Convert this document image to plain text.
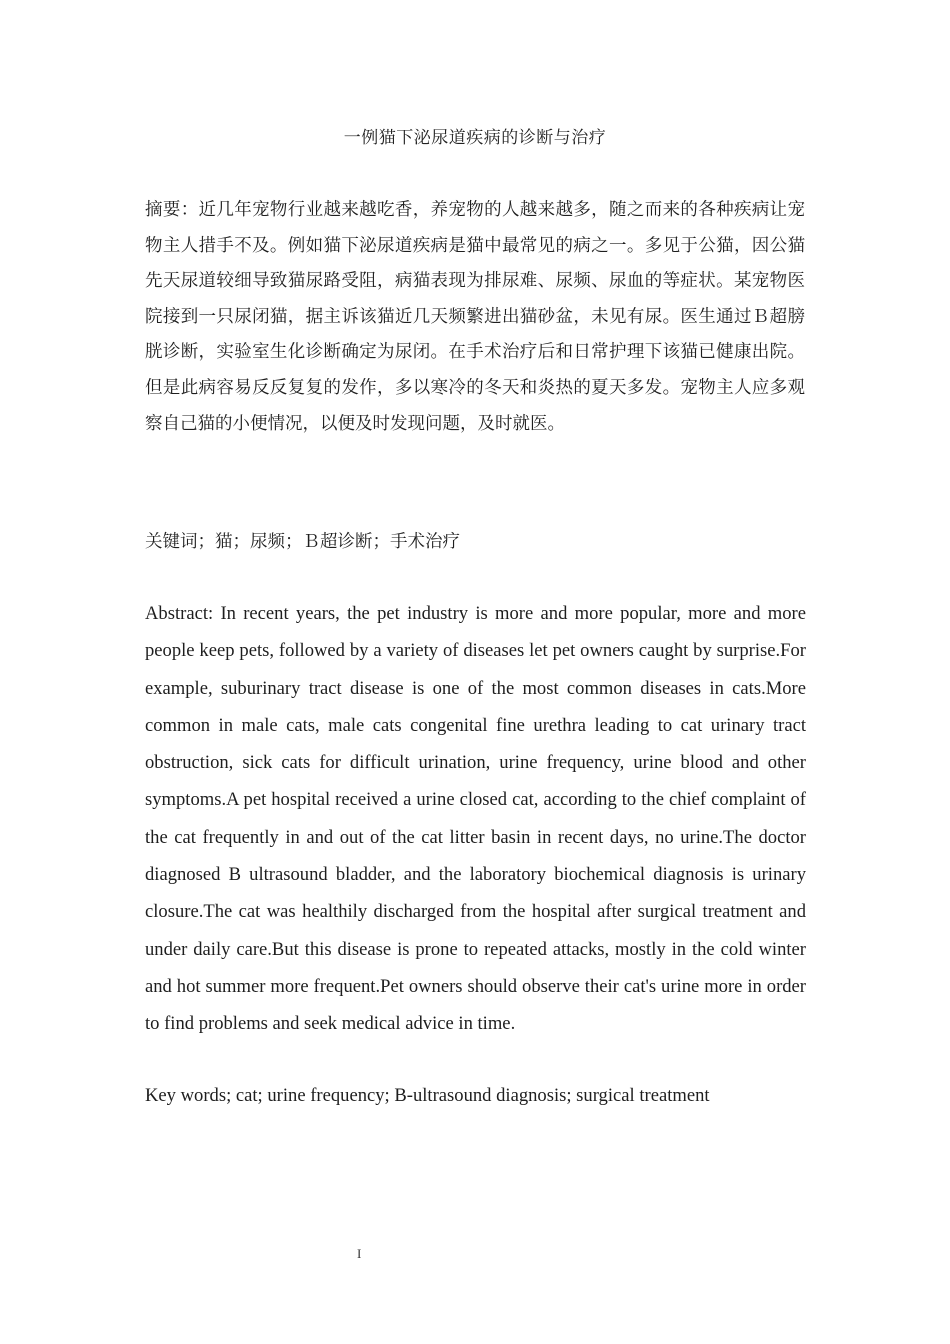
一例猫下泌尿道疾病的诊断与治疗

摘要：近几年宠物行业越来越吃香，养宠物的人越来越多，随之而来的各种疾病让宠物主人措手不及。例如猫下泌尿道疾病是猫中最常见的病之一。多见于公猫，因公猫先天尿道较细导致猫尿路受阻，病猫表现为排尿难、尿频、尿血的等症状。某宠物医院接到一只尿闭猫，据主诉该猫近几天频繁进出猫砂盆，未见有尿。医生通过Ｂ超膀胱诊断，实验室生化诊断确定为尿闭。在手术治疗后和日常护理下该猫已健康出院。但是此病容易反反复复的发作，多以寒冷的冬天和炎热的夏天多发。宠物主人应多观察自己猫的小便情况，以便及时发现问题，及时就医。

关键词；猫；尿频；Ｂ超诊断；手术治疗

Abstract: In recent years, the pet industry is more and more popular, more and more people keep pets, followed by a variety of diseases let pet owners caught by surprise.For example, suburinary tract disease is one of the most common diseases in cats.More common in male cats, male cats congenital fine urethra leading to cat urinary tract obstruction, sick cats for difficult urination, urine frequency, urine blood and other symptoms.A pet hospital received a urine closed cat, according to the chief complaint of the cat frequently in and out of the cat litter basin in recent days, no urine.The doctor diagnosed B ultrasound bladder, and the laboratory biochemical diagnosis is urinary closure.The cat was healthily discharged from the hospital after surgical treatment and under daily care.But this disease is prone to repeated attacks, mostly in the cold winter and hot summer more frequent.Pet owners should observe their cat's urine more in order to find problems and seek medical advice in time.

Key words; cat; urine frequency; B-ultrasound diagnosis; surgical treatment

I
